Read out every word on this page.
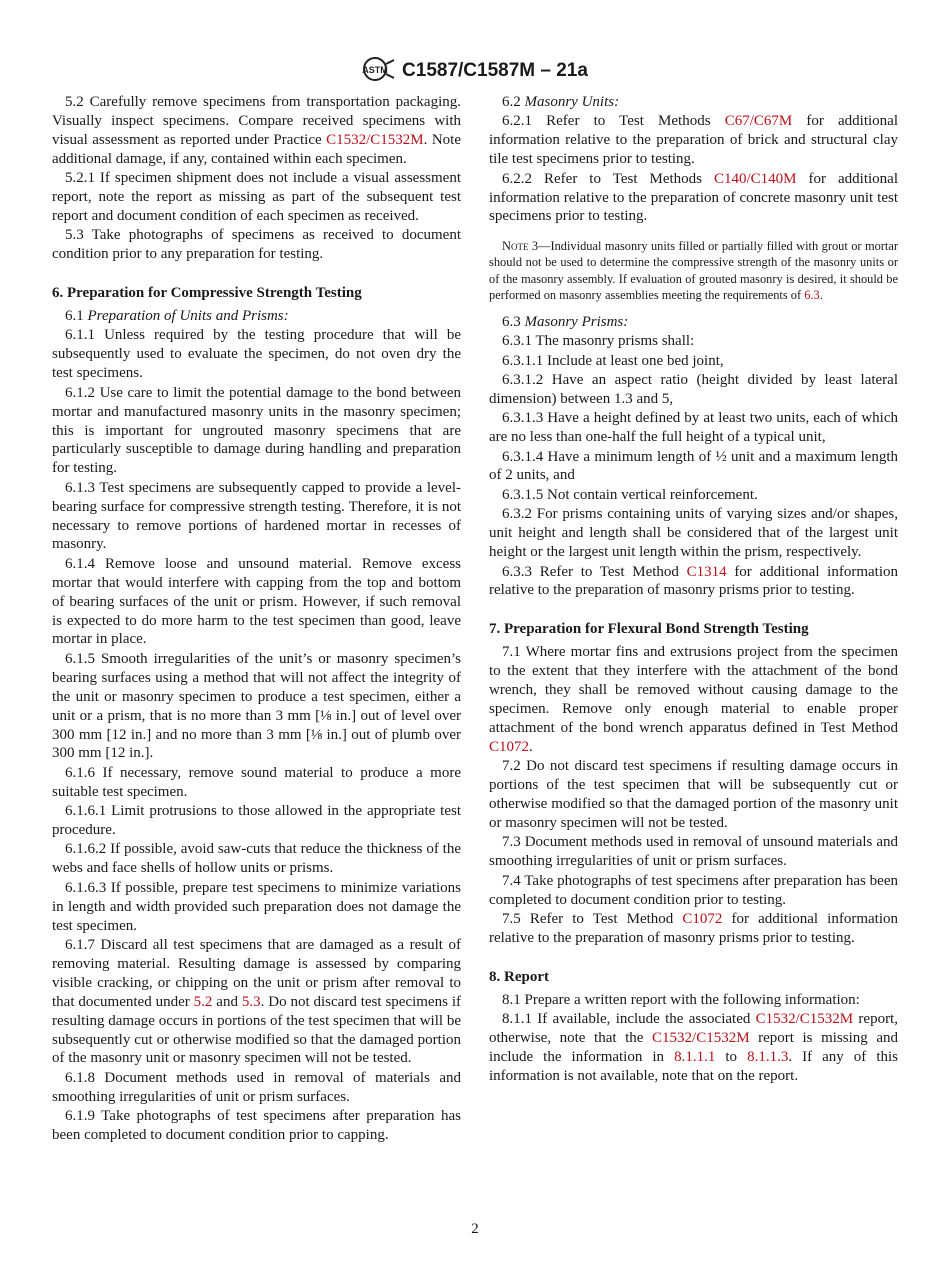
ASTM C1587/C1587M – 21a

5.2 Carefully remove specimens from transportation packaging. Visually inspect specimens. Compare received specimens with visual assessment as reported under Practice C1532/C1532M. Note additional damage, if any, contained within each specimen.

5.2.1 If specimen shipment does not include a visual assessment report, note the report as missing as part of the subsequent test report and document condition of each specimen as received.

5.3 Take photographs of specimens as received to document condition prior to any preparation for testing.

6. Preparation for Compressive Strength Testing

6.1 Preparation of Units and Prisms:

6.1.1 Unless required by the testing procedure that will be subsequently used to evaluate the specimen, do not oven dry the test specimens.

6.1.2 Use care to limit the potential damage to the bond between mortar and manufactured masonry units in the masonry specimen; this is important for ungrouted masonry specimens that are particularly susceptible to damage during handling and preparation for testing.

6.1.3 Test specimens are subsequently capped to provide a level-bearing surface for compressive strength testing. Therefore, it is not necessary to remove portions of hardened mortar in recesses of masonry.

6.1.4 Remove loose and unsound material. Remove excess mortar that would interfere with capping from the top and bottom of bearing surfaces of the unit or prism. However, if such removal is expected to do more harm to the test specimen than good, leave mortar in place.

6.1.5 Smooth irregularities of the unit’s or masonry specimen’s bearing surfaces using a method that will not affect the integrity of the unit or masonry specimen to produce a test specimen, either a unit or a prism, that is no more than 3 mm [⅛ in.] out of level over 300 mm [12 in.] and no more than 3 mm [⅛ in.] out of plumb over 300 mm [12 in.].

6.1.6 If necessary, remove sound material to produce a more suitable test specimen.

6.1.6.1 Limit protrusions to those allowed in the appropriate test procedure.

6.1.6.2 If possible, avoid saw-cuts that reduce the thickness of the webs and face shells of hollow units or prisms.

6.1.6.3 If possible, prepare test specimens to minimize variations in length and width provided such preparation does not damage the test specimen.

6.1.7 Discard all test specimens that are damaged as a result of removing material. Resulting damage is assessed by comparing visible cracking, or chipping on the unit or prism after removal to that documented under 5.2 and 5.3. Do not discard test specimens if resulting damage occurs in portions of the test specimen that will be subsequently cut or otherwise modified so that the damaged portion of the masonry unit or masonry specimen will not be tested.

6.1.8 Document methods used in removal of materials and smoothing irregularities of unit or prism surfaces.

6.1.9 Take photographs of test specimens after preparation has been completed to document condition prior to capping.

6.2 Masonry Units:

6.2.1 Refer to Test Methods C67/C67M for additional information relative to the preparation of brick and structural clay tile test specimens prior to testing.

6.2.2 Refer to Test Methods C140/C140M for additional information relative to the preparation of concrete masonry unit test specimens prior to testing.

Note 3—Individual masonry units filled or partially filled with grout or mortar should not be used to determine the compressive strength of the masonry units or of the masonry assembly. If evaluation of grouted masonry is desired, it should be performed on masonry assemblies meeting the requirements of 6.3.

6.3 Masonry Prisms:

6.3.1 The masonry prisms shall:

6.3.1.1 Include at least one bed joint,

6.3.1.2 Have an aspect ratio (height divided by least lateral dimension) between 1.3 and 5,

6.3.1.3 Have a height defined by at least two units, each of which are no less than one-half the full height of a typical unit,

6.3.1.4 Have a minimum length of ½ unit and a maximum length of 2 units, and

6.3.1.5 Not contain vertical reinforcement.

6.3.2 For prisms containing units of varying sizes and/or shapes, unit height and length shall be considered that of the largest unit height or the largest unit length within the prism, respectively.

6.3.3 Refer to Test Method C1314 for additional information relative to the preparation of masonry prisms prior to testing.

7. Preparation for Flexural Bond Strength Testing

7.1 Where mortar fins and extrusions project from the specimen to the extent that they interfere with the attachment of the bond wrench, they shall be removed without causing damage to the specimen. Remove only enough material to enable proper attachment of the bond wrench apparatus defined in Test Method C1072.

7.2 Do not discard test specimens if resulting damage occurs in portions of the test specimen that will be subsequently cut or otherwise modified so that the damaged portion of the masonry unit or masonry specimen will not be tested.

7.3 Document methods used in removal of unsound materials and smoothing irregularities of unit or prism surfaces.

7.4 Take photographs of test specimens after preparation has been completed to document condition prior to testing.

7.5 Refer to Test Method C1072 for additional information relative to the preparation of masonry prisms prior to testing.

8. Report

8.1 Prepare a written report with the following information:

8.1.1 If available, include the associated C1532/C1532M report, otherwise, note that the C1532/C1532M report is missing and include the information in 8.1.1.1 to 8.1.1.3. If any of this information is not available, note that on the report.

2
